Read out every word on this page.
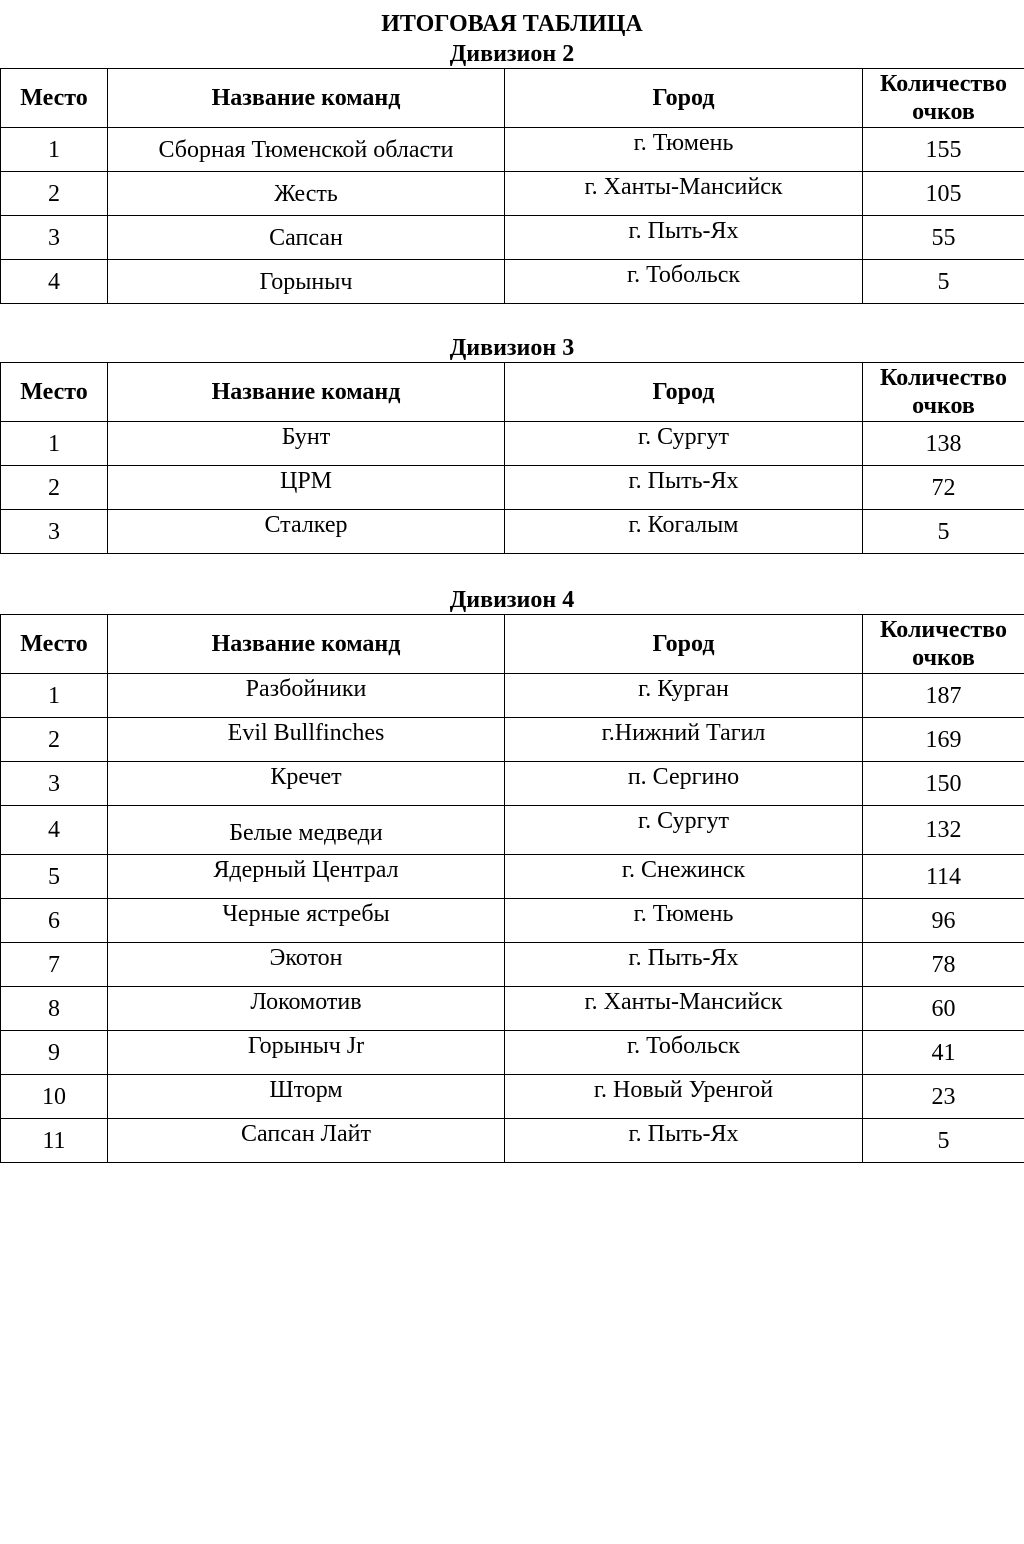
ИТОГОВАЯ ТАБЛИЦА
Дивизион 2
Место	Название команд	Город	Количество
очков
1	Сборная Тюменской области	г. Тюмень	155
2	Жесть	г. Ханты-Мансийск	105
3	Сапсан	г. Пыть-Ях	55
4	Горыныч	г. Тобольск	5
Дивизион 3
Место	Название команд	Город	Количество
очков
1	Бунт	г. Сургут	138
2	ЦРМ	г. Пыть-Ях	72
3	Сталкер	г. Когалым	5
Дивизион 4
Место	Название команд	Город	Количество
очков
1	Разбойники	г. Курган	187
2	Evil Bullfinches	г.Нижний Тагил	169
3	Кречет	п. Сергино	150
4	Белые медведи	г. Сургут	132
5	Ядерный Централ	г. Снежинск	114
6	Черные ястребы	г. Тюмень	96
7	Экотон	г. Пыть-Ях	78
8	Локомотив	г. Ханты-Мансийск	60
9	Горыныч Jr	г. Тобольск	41
10	Шторм	г. Новый Уренгой	23
11	Сапсан Лайт	г. Пыть-Ях	5
